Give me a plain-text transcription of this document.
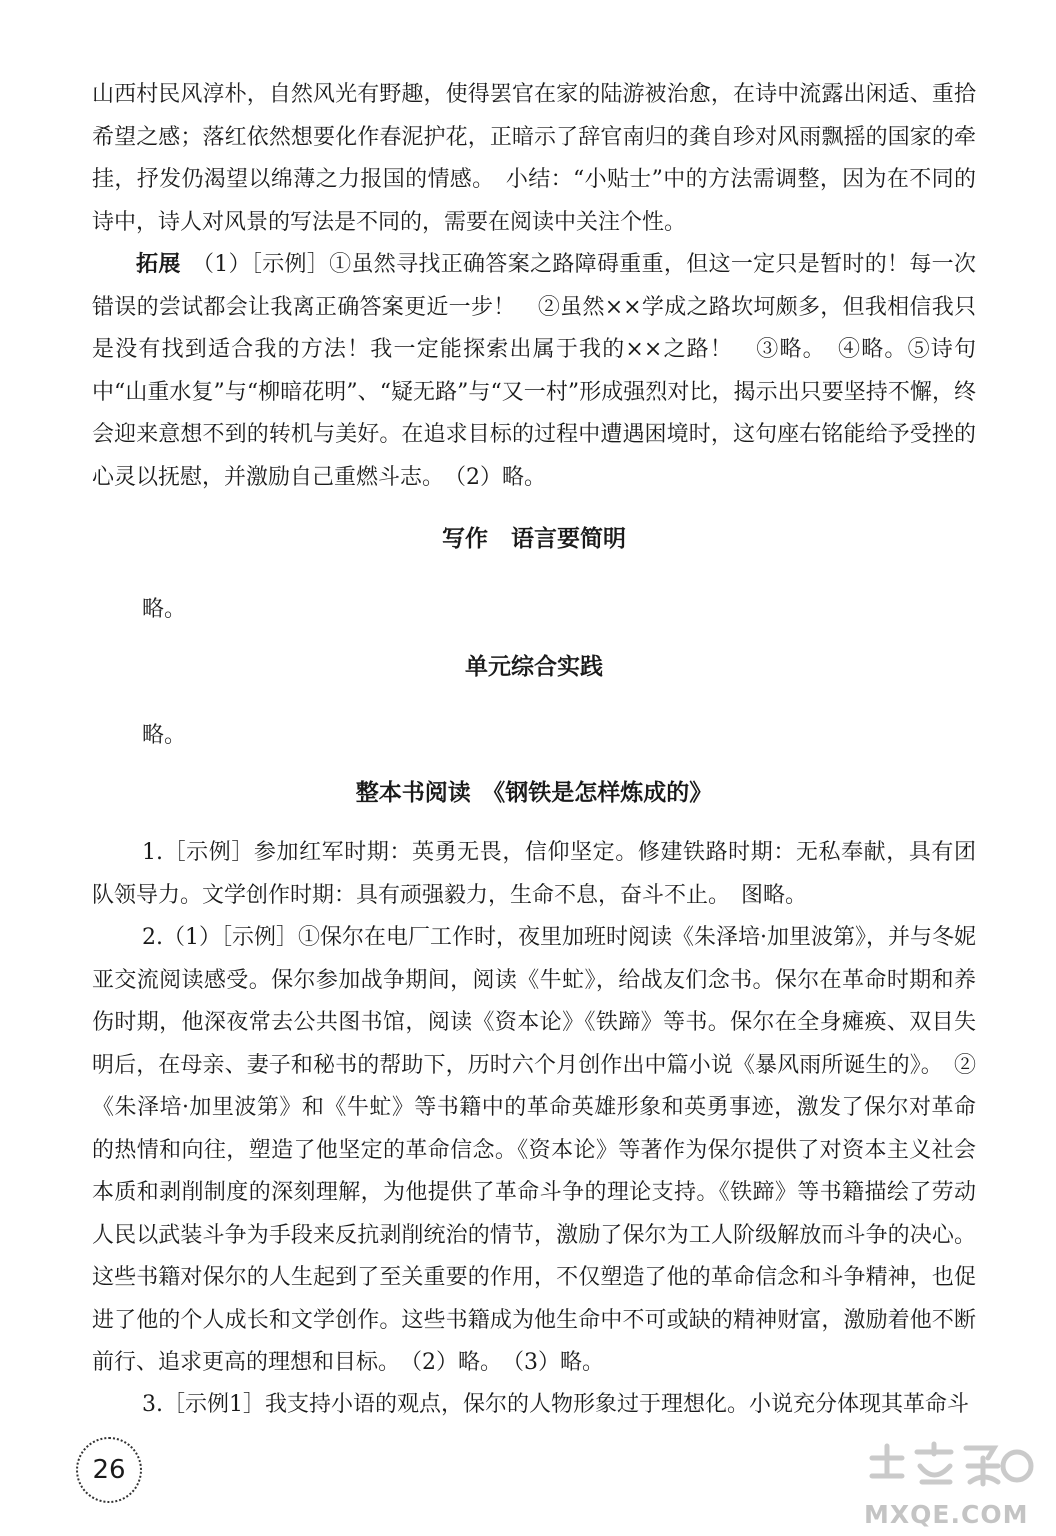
山西村民风淳朴，自然风光有野趣，使得罢官在家的陆游被治愈，在诗中流露出闲适、重拾希望之感；落红依然想要化作春泥护花，正暗示了辞官南归的龚自珍对风雨飘摇的国家的牵挂，抒发仍渴望以绵薄之力报国的情感。　小结：“小贴士”中的方法需调整，因为在不同的诗中，诗人对风景的写法是不同的，需要在阅读中关注个性。

拓展　 （1）［示例］①虽然寻找正确答案之路障碍重重，但这一定只是暂时的！每一次错误的尝试都会让我离正确答案更近一步！　②虽然××学成之路坎坷颇多，但我相信我只是没有找到适合我的方法！我一定能探索出属于我的××之路！　③略。　④略。⑤诗句中“山重水复”与“柳暗花明”、“疑无路”与“又一村”形成强烈对比，揭示出只要坚持不懈，终会迎来意想不到的转机与美好。在追求目标的过程中遭遇困境时，这句座右铭能给予受挫的心灵以抚慰，并激励自己重燃斗志。　（2）略。

写作　语言要简明

略。

单元综合实践

略。

整本书阅读　《钢铁是怎样炼成的》

1.［示例］参加红军时期：英勇无畏，信仰坚定。修建铁路时期：无私奉献，具有团队领导力。文学创作时期：具有顽强毅力，生命不息，奋斗不止。　图略。

2.（1）［示例］①保尔在电厂工作时，夜里加班时阅读《朱泽培·加里波第》，并与冬妮亚交流阅读感受。保尔参加战争期间，阅读《牛虻》，给战友们念书。保尔在革命时期和养伤时期，他深夜常去公共图书馆，阅读《资本论》《铁蹄》等书。保尔在全身瘫痪、双目失明后，在母亲、妻子和秘书的帮助下，历时六个月创作出中篇小说《暴风雨所诞生的》。　②《朱泽培·加里波第》和《牛虻》等书籍中的革命英雄形象和英勇事迹，激发了保尔对革命的热情和向往，塑造了他坚定的革命信念。《资本论》等著作为保尔提供了对资本主义社会本质和剥削制度的深刻理解，为他提供了革命斗争的理论支持。《铁蹄》等书籍描绘了劳动人民以武装斗争为手段来反抗剥削统治的情节，激励了保尔为工人阶级解放而斗争的决心。这些书籍对保尔的人生起到了至关重要的作用，不仅塑造了他的革命信念和斗争精神，也促进了他的个人成长和文学创作。这些书籍成为他生命中不可或缺的精神财富，激励着他不断前行、追求更高的理想和目标。　（2）略。　（3）略。

3.［示例1］我支持小语的观点，保尔的人物形象过于理想化。小说充分体现其革命斗

26
MXQE.COM
